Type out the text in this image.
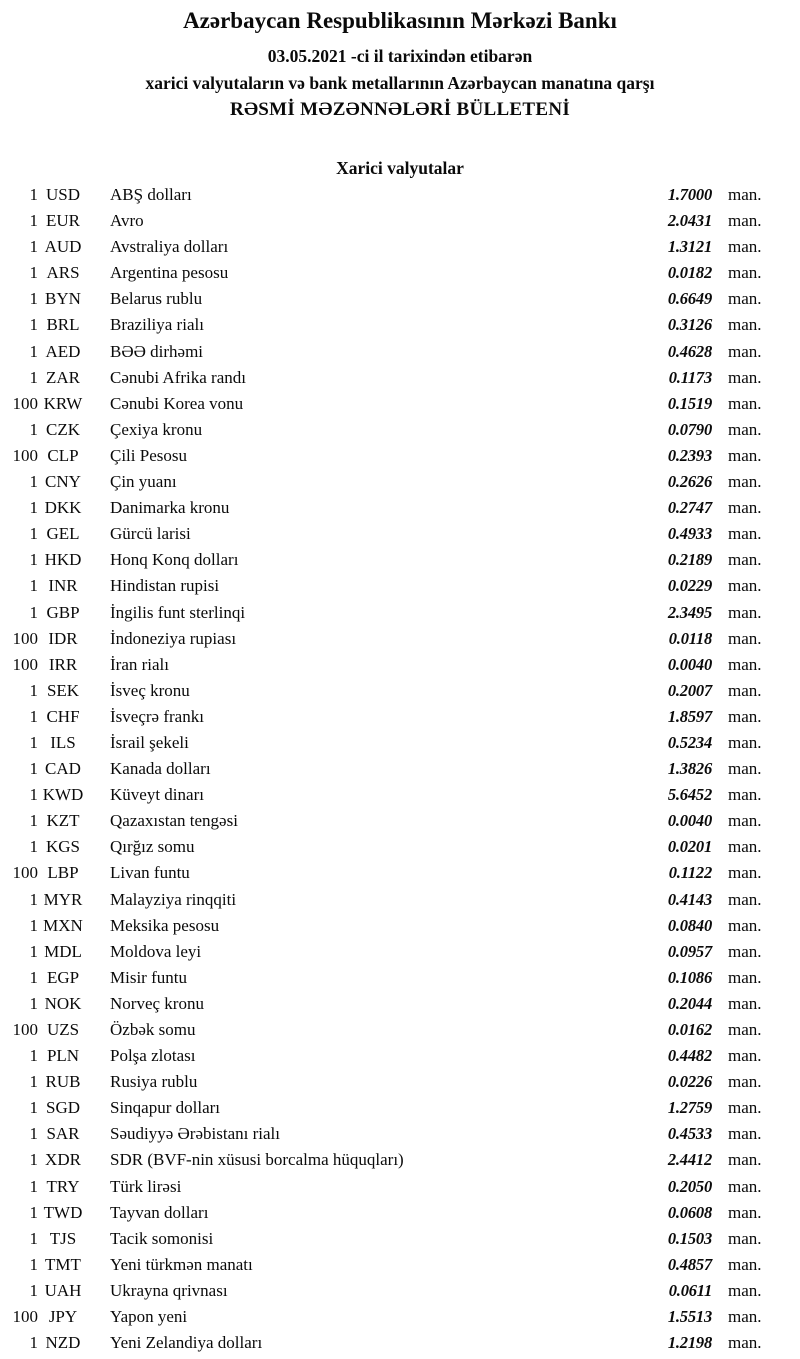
Azərbaycan Respublikasının Mərkəzi Bankı
03.05.2021 -ci il tarixindən etibarən
xarici valyutaların və bank metallarının Azərbaycan manatına qarşı
RƏSMİ MƏZƏNNƏLƏRİ BÜLLETENİ
Xarici valyutalar
1 USD	ABŞ dolları	1.7000 man.
1 EUR	Avro	2.0431 man.
1 AUD	Avstraliya dolları	1.3121 man.
1 ARS	Argentina pesosu	0.0182 man.
1 BYN	Belarus rublu	0.6649 man.
1 BRL	Braziliya rialı	0.3126 man.
1 AED	BƏƏ dirhəmi	0.4628 man.
1 ZAR	Cənubi Afrika randı	0.1173 man.
100 KRW	Cənubi Korea vonu	0.1519 man.
1 CZK	Çexiya kronu	0.0790 man.
100 CLP	Çili Pesosu	0.2393 man.
1 CNY	Çin yuanı	0.2626 man.
1 DKK	Danimarka kronu	0.2747 man.
1 GEL	Gürcü larisi	0.4933 man.
1 HKD	Honq Konq dolları	0.2189 man.
1 INR	Hindistan rupisi	0.0229 man.
1 GBP	İngilis funt sterlinqi	2.3495 man.
100 IDR	İndoneziya rupiası	0.0118 man.
100 IRR	İran rialı	0.0040 man.
1 SEK	İsveç kronu	0.2007 man.
1 CHF	İsveçrə frankı	1.8597 man.
1 ILS	İsrail şekeli	0.5234 man.
1 CAD	Kanada dolları	1.3826 man.
1 KWD	Küveyt dinarı	5.6452 man.
1 KZT	Qazaxıstan tengəsi	0.0040 man.
1 KGS	Qırğız somu	0.0201 man.
100 LBP	Livan funtu	0.1122 man.
1 MYR	Malayziya rinqqiti	0.4143 man.
1 MXN	Meksika pesosu	0.0840 man.
1 MDL	Moldova leyi	0.0957 man.
1 EGP	Misir funtu	0.1086 man.
1 NOK	Norveç kronu	0.2044 man.
100 UZS	Özbək somu	0.0162 man.
1 PLN	Polşa zlotası	0.4482 man.
1 RUB	Rusiya rublu	0.0226 man.
1 SGD	Sinqapur dolları	1.2759 man.
1 SAR	Səudiyyə Ərəbistanı rialı	0.4533 man.
1 XDR	SDR (BVF-nin xüsusi borcalma hüquqları)	2.4412 man.
1 TRY	Türk lirəsi	0.2050 man.
1 TWD	Tayvan dolları	0.0608 man.
1 TJS	Tacik somonisi	0.1503 man.
1 TMT	Yeni türkmən manatı	0.4857 man.
1 UAH	Ukrayna qrivnası	0.0611 man.
100 JPY	Yapon yeni	1.5513 man.
1 NZD	Yeni Zelandiya dolları	1.2198 man.
